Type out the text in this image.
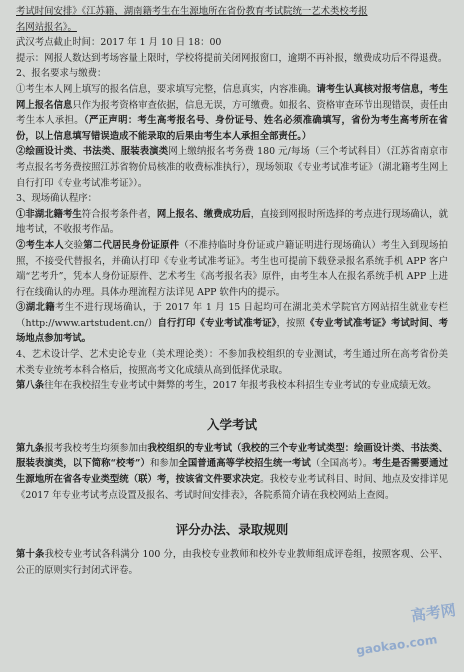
考试时间安排》《江苏籍、湖南籍考生在生源地所在省份教育考试院统一艺术类校考报
名网站报名》。

武汉考点截止时间：2017 年 1 月 10 日 18：00

提示：网报人数达到考场容量上限时，学校将提前关闭网报窗口，逾期不再补报，缴费成功后不得退费。

2、报名要求与缴费：

①考生本人网上填写的报名信息，要求填写完整，信息真实，内容准确。请考生认真核对报考信息，考生网上报名信息只作为报考资格审查依据，信息无误，方可缴费。如报名、资格审查环节出现错误，责任由考生本人承担。（严正声明：考生高考报名号、身份证号、姓名必须准确填写，省份为考生高考所在省份，以上信息填写错误造成不能录取的后果由考生本人承担全部责任。）

②绘画设计类、书法类、服装表演类网上缴纳报名考务费 180 元/每场（三个考试科目）（江苏省南京市考点报名考务费按照江苏省物价局核准的收费标准执行），现场领取《专业考试准考证》（湖北籍考生网上自行打印《专业考试准考证》）。

3、现场确认程序：

①非湖北籍考生符合报考条件者，网上报名、缴费成功后，直接到网报时所选择的考点进行现场确认，就地考试，不收报考作品。

②考生本人交验第二代居民身份证原件（不准持临时身份证或户籍证明进行现场确认）考生入到现场拍照，不接受代替报名，并确认打印《专业考试准考证》。考生也可提前下载登录报名系统手机 APP 客户端“艺考升”，凭本人身份证原件、艺术考生《高考报名表》原件，由考生本人在报名系统手机 APP 上进行在线确认的办理。具体办理流程方法详见 APP 软件内的提示。

③湖北籍考生不进行现场确认，于 2017 年 1 月 15 日起均可在湖北美术学院官方网站招生就业专栏（http://www.artstudent.cn/）自行打印《专业考试准考证》，按照《专业考试准考证》考试时间、考场地点参加考试。

4、艺术设计学、艺术史论专业（美术理论类）：不参加我校组织的专业测试，考生通过所在高考省份美术类专业统考本科合格后，按照高考文化成绩从高到低择优录取。

第八条往年在我校招生专业考试中舞弊的考生，2017 年报考我校本科招生专业考试的专业成绩无效。

入学考试

第九条报考我校考生均须参加由我校组织的专业考试（我校的三个专业考试类型：绘画设计类、书法类、服装表演类，以下简称“校考”）和参加全国普通高等学校招生统一考试（全国高考）。考生是否需要通过生源地所在省各专业类型统（联）考，按该省文件要求决定。我校专业考试科目、时间、地点及安排详见《2017 年专业考试考点设置及报名、考试时间安排表》，各院系简介请在我校网站上查阅。

评分办法、录取规则

第十条我校专业考试各科满分 100 分，由我校专业教师和校外专业教师组成评卷组，按照客观、公平、公正的原则实行封闭式评卷。

高考网
gaokao.com
